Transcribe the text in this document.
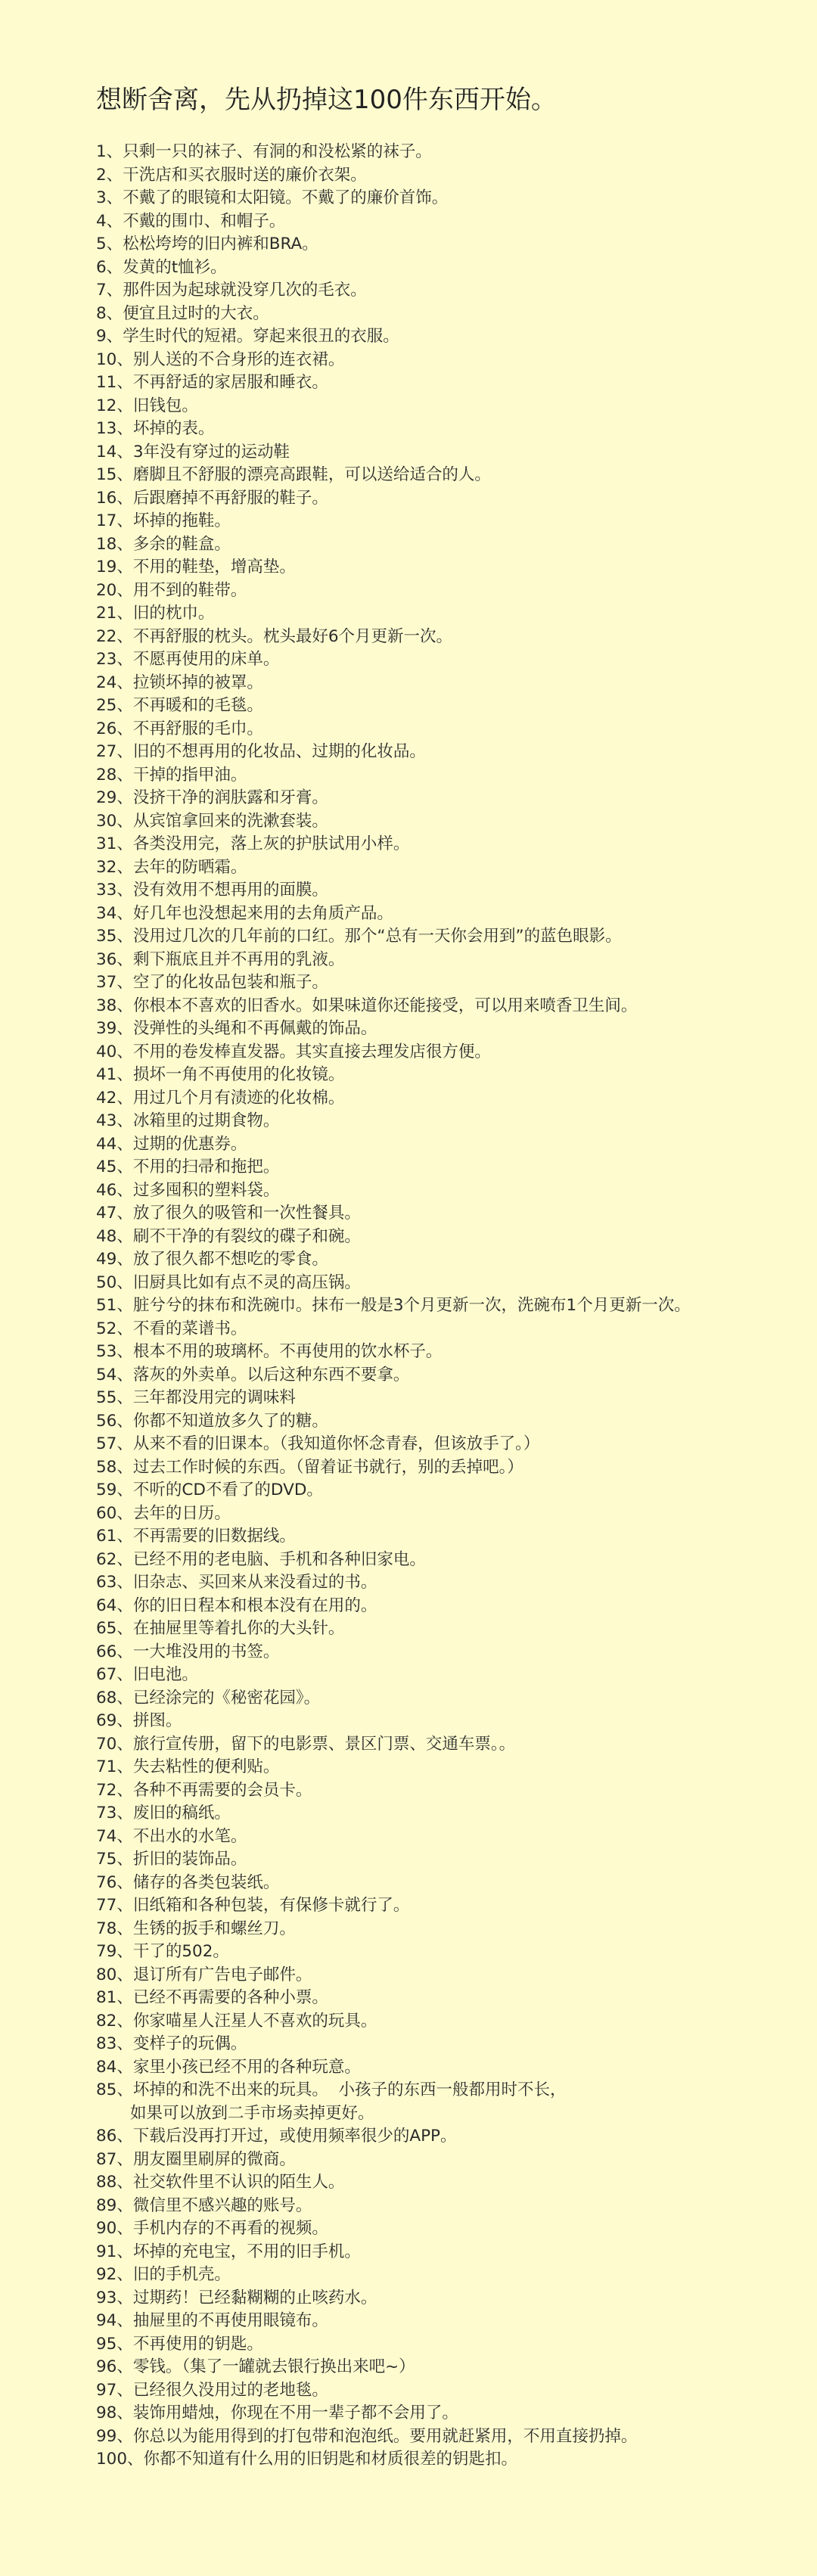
想断舍离，先从扔掉这100件东西开始。
1、 只剩一只的袜子、有洞的和没松紧的袜子。
2、 干洗店和买衣服时送的廉价衣架。
3、 不戴了的眼镜和太阳镜。不戴了的廉价首饰。
4、 不戴的围巾、和帽子。
5、 松松垮垮的旧内裤和BRA。
6、 发黄的t恤衫。
7、 那件因为起球就没穿几次的毛衣。
8、 便宜且过时的大衣。
9、 学生时代的短裙。穿起来很丑的衣服。
10、 别人送的不合身形的连衣裙。
11、 不再舒适的家居服和睡衣。
12、 旧钱包。
13、 坏掉的表。
14、 3年没有穿过的运动鞋
15、 磨脚且不舒服的漂亮高跟鞋，可以送给适合的人。
16、 后跟磨掉不再舒服的鞋子。
17、 坏掉的拖鞋。
18、 多余的鞋盒。
19、 不用的鞋垫，增高垫。
20、 用不到的鞋带。
21、 旧的枕巾。
22、 不再舒服的枕头。枕头最好6个月更新一次。
23、 不愿再使用的床单。
24、 拉锁坏掉的被罩。
25、 不再暖和的毛毯。
26、 不再舒服的毛巾。
27、 旧的不想再用的化妆品、过期的化妆品。
28、 干掉的指甲油。
29、 没挤干净的润肤露和牙膏。
30、 从宾馆拿回来的洗漱套装。
31、 各类没用完，落上灰的护肤试用小样。
32、 去年的防晒霜。
33、 没有效用不想再用的面膜。
34、 好几年也没想起来用的去角质产品。
35、 没用过几次的几年前的口红。那个“总有一天你会用到”的蓝色眼影。
36、 剩下瓶底且并不再用的乳液。
37、 空了的化妆品包装和瓶子。
38、 你根本不喜欢的旧香水。如果味道你还能接受，可以用来喷香卫生间。
39、 没弹性的头绳和不再佩戴的饰品。
40、 不用的卷发棒直发器。其实直接去理发店很方便。
41、 损坏一角不再使用的化妆镜。
42、 用过几个月有渍迹的化妆棉。
43、 冰箱里的过期食物。
44、 过期的优惠券。
45、 不用的扫帚和拖把。
46、 过多囤积的塑料袋。
47、 放了很久的吸管和一次性餐具。
48、 刷不干净的有裂纹的碟子和碗。
49、 放了很久都不想吃的零食。
50、 旧厨具比如有点不灵的高压锅。
51、 脏兮兮的抹布和洗碗巾。抹布一般是3个月更新一次，洗碗布1个月更新一次。
52、 不看的菜谱书。
53、 根本不用的玻璃杯。不再使用的饮水杯子。
54、 落灰的外卖单。以后这种东西不要拿。
55、 三年都没用完的调味料
56、 你都不知道放多久了的糖。
57、 从来不看的旧课本。（我知道你怀念青春，但该放手了。）
58、 过去工作时候的东西。（留着证书就行，别的丢掉吧。）
59、 不听的CD不看了的DVD。
60、 去年的日历。
61、 不再需要的旧数据线。
62、 已经不用的老电脑、手机和各种旧家电。
63、 旧杂志、买回来从来没看过的书。
64、 你的旧日程本和根本没有在用的。
65、 在抽屉里等着扎你的大头针。
66、 一大堆没用的书签。
67、 旧电池。
68、 已经涂完的《秘密花园》。
69、 拼图。
70、 旅行宣传册，留下的电影票、景区门票、交通车票。。
71、 失去粘性的便利贴。
72、 各种不再需要的会员卡。
73、 废旧的稿纸。
74、 不出水的水笔。
75、 折旧的装饰品。
76、 储存的各类包装纸。
77、 旧纸箱和各种包装，有保修卡就行了。
78、 生锈的扳手和螺丝刀。
79、 干了的502。
80、 退订所有广告电子邮件。
81、 已经不再需要的各种小票。
82、 你家喵星人汪星人不喜欢的玩具。
83、 变样子的玩偶。
84、 家里小孩已经不用的各种玩意。
85、 坏掉的和洗不出来的玩具。  小孩子的东西一般都用时不长，
如果可以放到二手市场卖掉更好。
86、 下载后没再打开过，或使用频率很少的APP。
87、 朋友圈里刷屏的微商。
88、 社交软件里不认识的陌生人。
89、 微信里不感兴趣的账号。
90、 手机内存的不再看的视频。
91、 坏掉的充电宝，不用的旧手机。
92、 旧的手机壳。
93、 过期药！已经黏糊糊的止咳药水。
94、 抽屉里的不再使用眼镜布。
95、 不再使用的钥匙。
96、 零钱。（集了一罐就去银行换出来吧~）
97、 已经很久没用过的老地毯。
98、 装饰用蜡烛，你现在不用一辈子都不会用了。
99、 你总以为能用得到的打包带和泡泡纸。要用就赶紧用，不用直接扔掉。
100、 你都不知道有什么用的旧钥匙和材质很差的钥匙扣。
